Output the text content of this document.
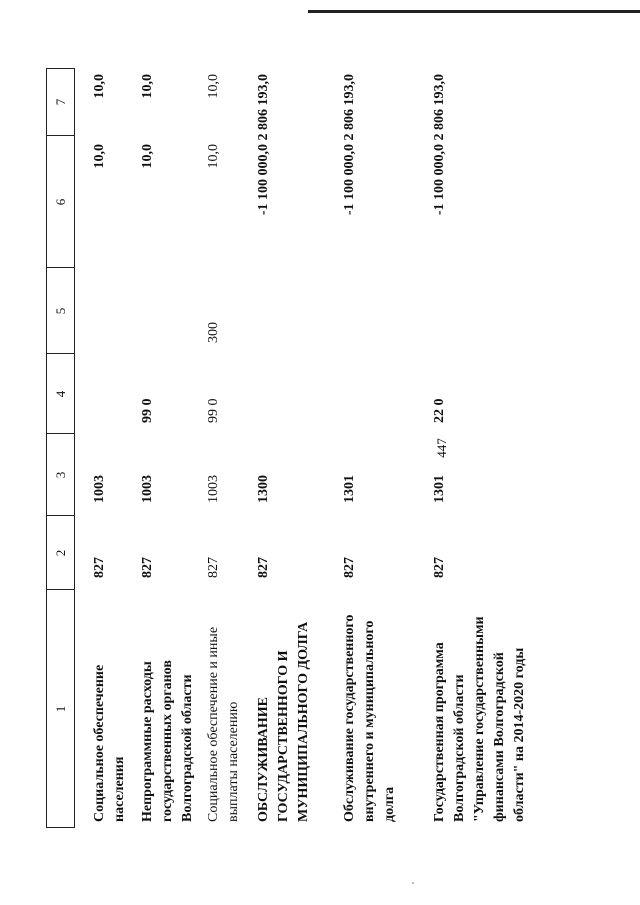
447
1
2
3
4
5
6
7
Социальное обеспечение населения
827
1003
10,0
10,0
Непрограммные расходы государственных органов Волгоградской области
827
1003
99 0
10,0
10,0
Социальное обеспечение и иные выплаты населению
827
1003
99 0
300
10,0
10,0
ОБСЛУЖИВАНИЕ ГОСУДАРСТВЕННОГО И МУНИЦИПАЛЬНОГО ДОЛГА
827
1300
-1 100 000,0
2 806 193,0
Обслуживание государственного внутреннего и муниципального долга
827
1301
-1 100 000,0
2 806 193,0
Государственная программа Волгоградской области "Управление государственными финансами Волгоградской области" на 2014-2020 годы
827
1301
22 0
-1 100 000,0
2 806 193,0
